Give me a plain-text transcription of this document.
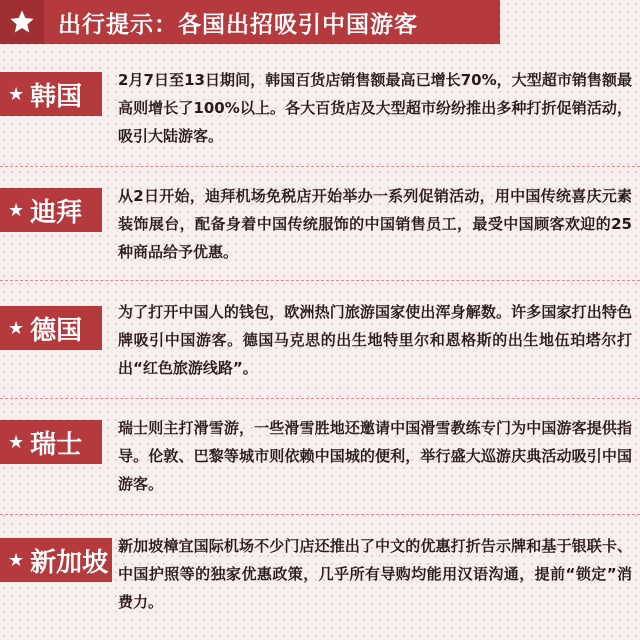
出行提示：各国出招吸引中国游客
★ 韩国
2月7日至13日期间，韩国百货店销售额最高已增长70%，大型超市销售额最高则增长了100%以上。各大百货店及大型超市纷纷推出多种打折促销活动，吸引大陆游客。
★ 迪拜
从2日开始，迪拜机场免税店开始举办一系列促销活动，用中国传统喜庆元素装饰展台，配备身着中国传统服饰的中国销售员工，最受中国顾客欢迎的25种商品给予优惠。
★ 德国
为了打开中国人的钱包，欧洲热门旅游国家使出浑身解数。许多国家打出特色牌吸引中国游客。德国马克思的出生地特里尔和恩格斯的出生地伍珀塔尔打出“红色旅游线路”。
★ 瑞士
瑞士则主打滑雪游，一些滑雪胜地还邀请中国滑雪教练专门为中国游客提供指导。伦敦、巴黎等城市则依赖中国城的便利，举行盛大巡游庆典活动吸引中国游客。
★ 新加坡
新加坡樟宜国际机场不少门店还推出了中文的优惠打折告示牌和基于银联卡、中国护照等的独家优惠政策，几乎所有导购均能用汉语沟通，提前“锁定”消费力。
